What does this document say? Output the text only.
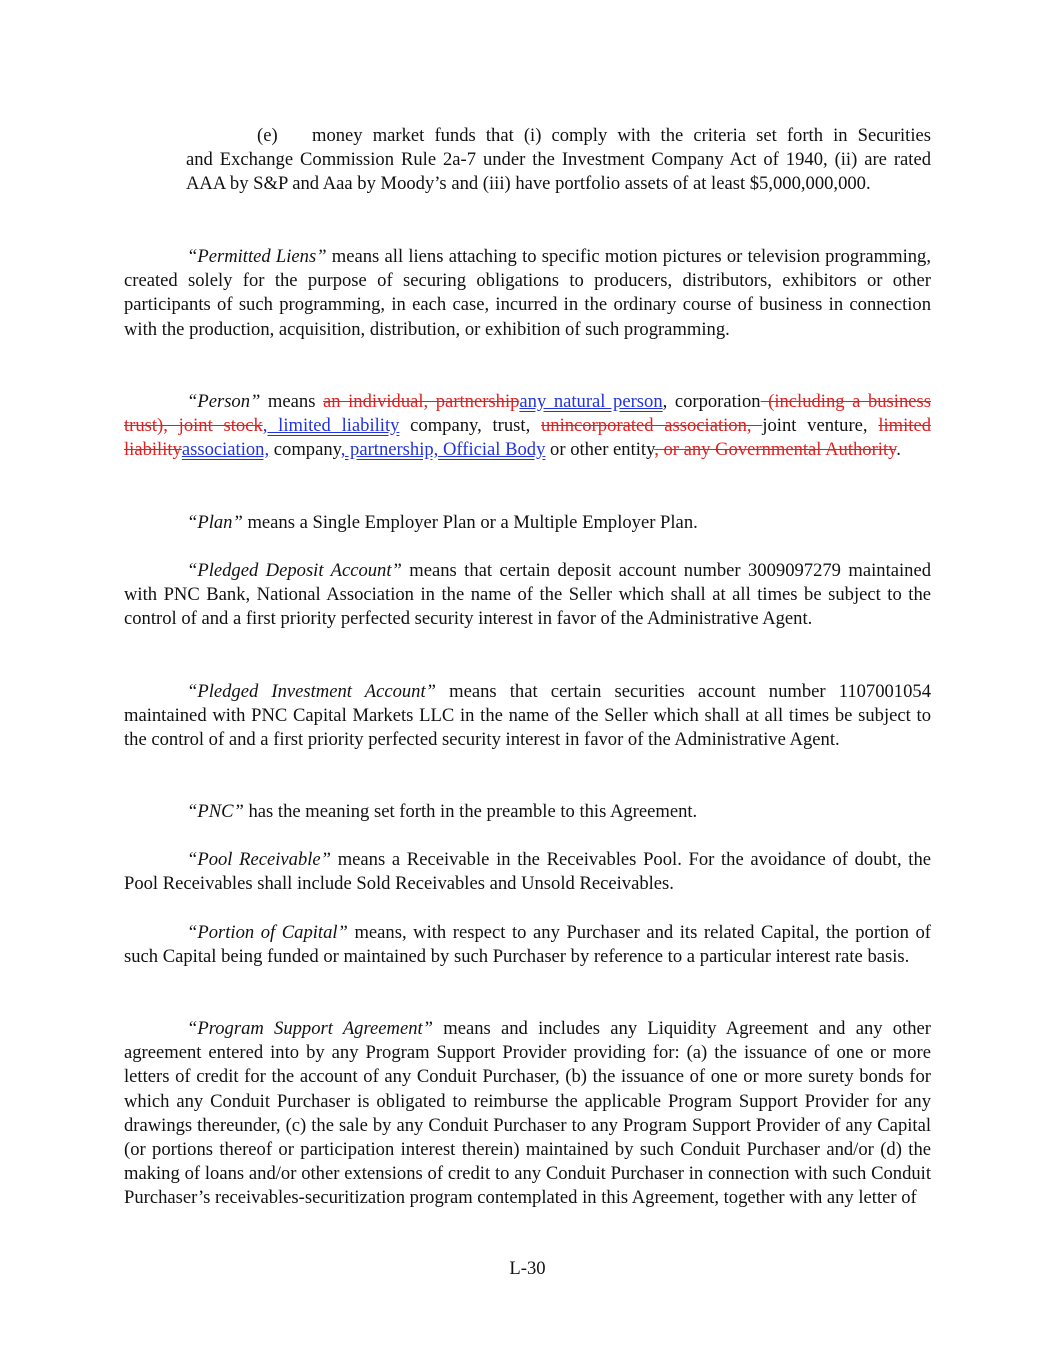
(e)	money market funds that (i) comply with the criteria set forth in Securities
and Exchange Commission Rule 2a-7 under the Investment Company Act of 1940, (ii) are rated AAA by S&P and Aaa by Moody’s and (iii) have portfolio assets of at least $5,000,000,000.

“Permitted Liens” means all liens attaching to specific motion pictures or television programming, created solely for the purpose of securing obligations to producers, distributors, exhibitors or other participants of such programming, in each case, incurred in the ordinary course of business in connection with the production, acquisition, distribution, or exhibition of such programming.

“Person” means an individual, partnershipany natural person, corporation (including a business trust), joint stock, limited liability company, trust, unincorporated association, joint venture, limited liabilityassociation, company, partnership, Official Body or other entity, or any Governmental Authority.

“Plan” means a Single Employer Plan or a Multiple Employer Plan.

“Pledged Deposit Account” means that certain deposit account number 3009097279 maintained with PNC Bank, National Association in the name of the Seller which shall at all times be subject to the control of and a first priority perfected security interest in favor of the Administrative Agent.

“Pledged Investment Account” means that certain securities account number 1107001054 maintained with PNC Capital Markets LLC in the name of the Seller which shall at all times be subject to the control of and a first priority perfected security interest in favor of the Administrative Agent.

“PNC” has the meaning set forth in the preamble to this Agreement.

“Pool Receivable” means a Receivable in the Receivables Pool. For the avoidance of doubt, the Pool Receivables shall include Sold Receivables and Unsold Receivables.

“Portion of Capital” means, with respect to any Purchaser and its related Capital, the portion of such Capital being funded or maintained by such Purchaser by reference to a particular interest rate basis.

“Program Support Agreement” means and includes any Liquidity Agreement and any other agreement entered into by any Program Support Provider providing for: (a) the issuance of one or more letters of credit for the account of any Conduit Purchaser, (b) the issuance of one or more surety bonds for which any Conduit Purchaser is obligated to reimburse the applicable Program Support Provider for any drawings thereunder, (c) the sale by any Conduit Purchaser to any Program Support Provider of any Capital (or portions thereof or participation interest therein) maintained by such Conduit Purchaser and/or (d) the making of loans and/or other extensions of credit to any Conduit Purchaser in connection with such Conduit Purchaser’s receivables-securitization program contemplated in this Agreement, together with any letter of

L-30
